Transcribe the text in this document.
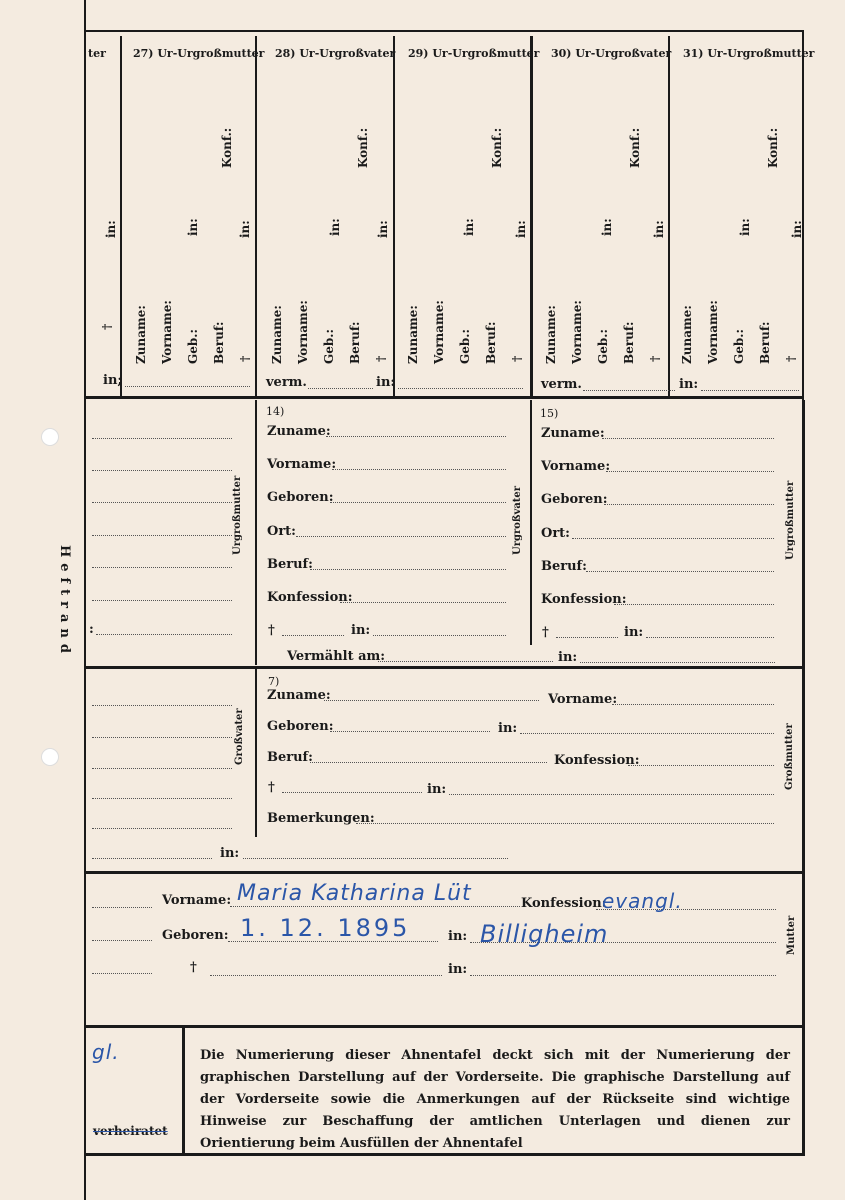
Heftrand
ter 27) Ur-Urgroßmutter 28) Ur-Urgroßvater 29) Ur-Urgroßmutter 30) Ur-Urgroßvater 31) Ur-Urgroßmutter
†
in:
Zuname: Vorname: Geb.:
in:
Beruf:
Konf.:
†
in:
Zuname: Vorname: Geb.:
in:
Beruf:
Konf.:
†
in:
Zuname: Vorname: Geb.:
in:
Beruf:
Konf.:
†
in:
Zuname: Vorname: Geb.:
in:
Beruf:
Konf.:
†
in:
Zuname: Vorname: Geb.:
in:
Beruf:
Konf.:
†
in:
in;	verm.	in:	verm.	in:
Urgroßmutter
:
14)
Zuname:
Vorname:
Geboren:
Ort:
Beruf:
Konfession:
†	in:
Urgroßvater
15)
Zuname:
Vorname:
Geboren:
Ort:
Beruf:
Konfession:
†	in:
Urgroßmutter
Vermählt am:	in:
Großvater
in:
7)
Zuname:	Vorname:
Geboren:	in:
Beruf:	Konfession:
†	in:
Bemerkungen:
Großmutter
Vorname: Maria Katharina Lüt	Konfession:
evangl.
Geboren: 1. 12. 1895	in: Billigheim
†	in:
Mutter
gl.
verheiratet
Die Numerierung dieser Ahnentafel deckt sich mit der Numerierung der graphischen Darstellung auf der Vorderseite. Die graphische Darstellung auf der Vorderseite sowie die Anmerkungen auf der Rückseite sind wichtige Hinweise zur Beschaffung der amtlichen Unterlagen und dienen zur Orientierung beim Ausfüllen der Ahnentafel
